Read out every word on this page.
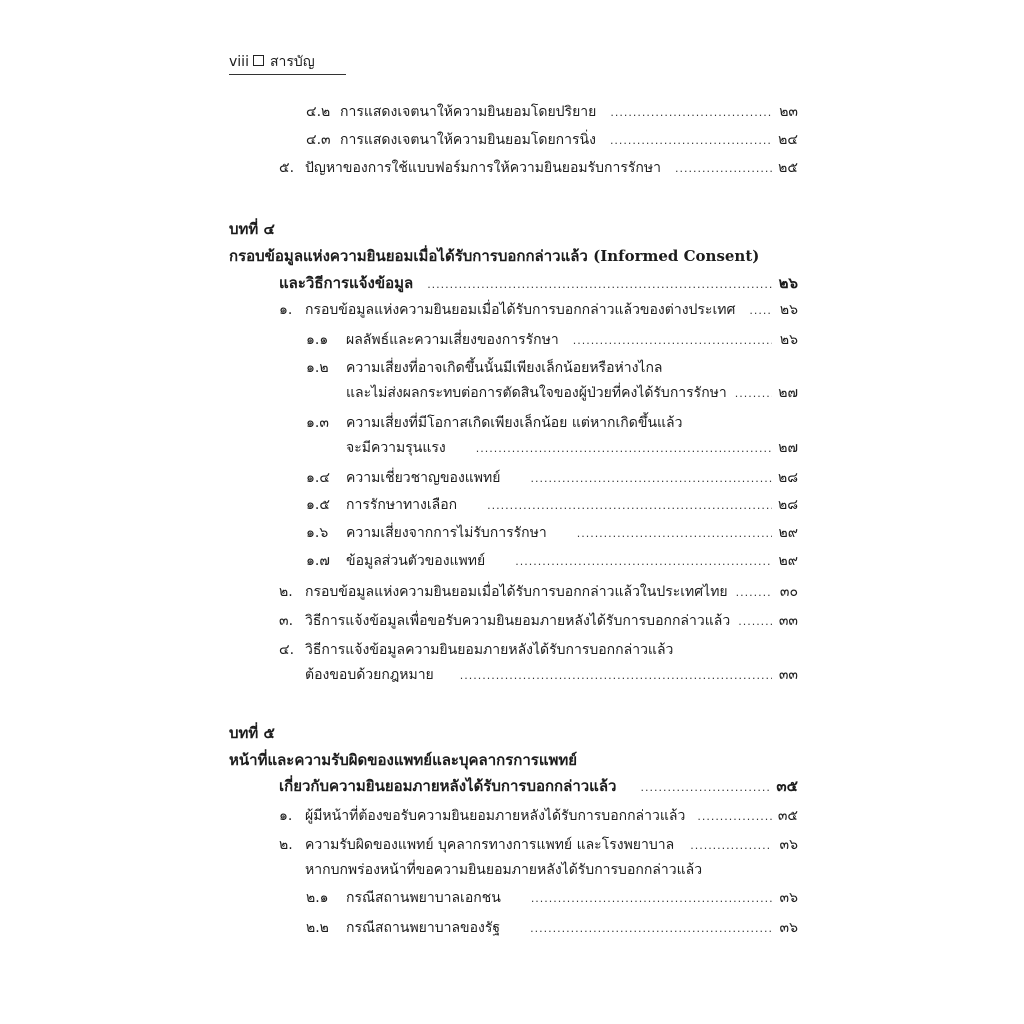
viii สารบัญ
๔.๒ การแสดงเจตนาให้ความยินยอมโดยปริยาย .....	๒๓
๔.๓ การแสดงเจตนาให้ความยินยอมโดยการนิ่ง .....	๒๔
๕. ปัญหาของการใช้แบบฟอร์มการให้ความยินยอมรับการรักษา .....	๒๕
บทที่ ๔
กรอบข้อมูลแห่งความยินยอมเมื่อได้รับการบอกกล่าวแล้ว
(Informed Consent)
และวิธีการแจ้งข้อมูล .....	๒๖
๑. กรอบข้อมูลแห่งความยินยอมเมื่อได้รับการบอกกล่าวแล้วของต่างประเทศ .....	๒๖
๑.๑	ผลลัพธ์และความเสี่ยงของการรักษา .....	๒๖
๑.๒	ความเสี่ยงที่อาจเกิดขึ้นนั้นมีเพียงเล็กน้อยหรือห่างไกล
และไม่ส่งผลกระทบต่อการตัดสินใจของผู้ป่วยที่คงได้รับการรักษา .....	๒๗
๑.๓	ความเสี่ยงที่มีโอกาสเกิดเพียงเล็กน้อย แต่หากเกิดขึ้นแล้ว
จะมีความรุนแรง .....	๒๗
๑.๔	ความเชี่ยวชาญของแพทย์ .....	๒๘
๑.๕	การรักษาทางเลือก .....	๒๘
๑.๖	ความเสี่ยงจากการไม่รับการรักษา .....	๒๙
๑.๗	ข้อมูลส่วนตัวของแพทย์ .....	๒๙
๒. กรอบข้อมูลแห่งความยินยอมเมื่อได้รับการบอกกล่าวแล้วในประเทศไทย .....	๓๐
๓. วิธีการแจ้งข้อมูลเพื่อขอรับความยินยอมภายหลังได้รับการบอกกล่าวแล้ว .....	๓๓
๔. วิธีการแจ้งข้อมูลความยินยอมภายหลังได้รับการบอกกล่าวแล้ว
ต้องขอบด้วยกฎหมาย .....	๓๓
บทที่ ๕
หน้าที่และความรับผิดของแพทย์และบุคลากรการแพทย์
เกี่ยวกับความยินยอมภายหลังได้รับการบอกกล่าวแล้ว .....	๓๕
๑. ผู้มีหน้าที่ต้องขอรับความยินยอมภายหลังได้รับการบอกกล่าวแล้ว .....	๓๕
๒. ความรับผิดของแพทย์ บุคลากรทางการแพทย์ และโรงพยาบาล .....	๓๖
หากบกพร่องหน้าที่ขอความยินยอมภายหลังได้รับการบอกกล่าวแล้ว
๒.๑	กรณีสถานพยาบาลเอกชน .....	๓๖
๒.๒	กรณีสถานพยาบาลของรัฐ .....	๓๖
